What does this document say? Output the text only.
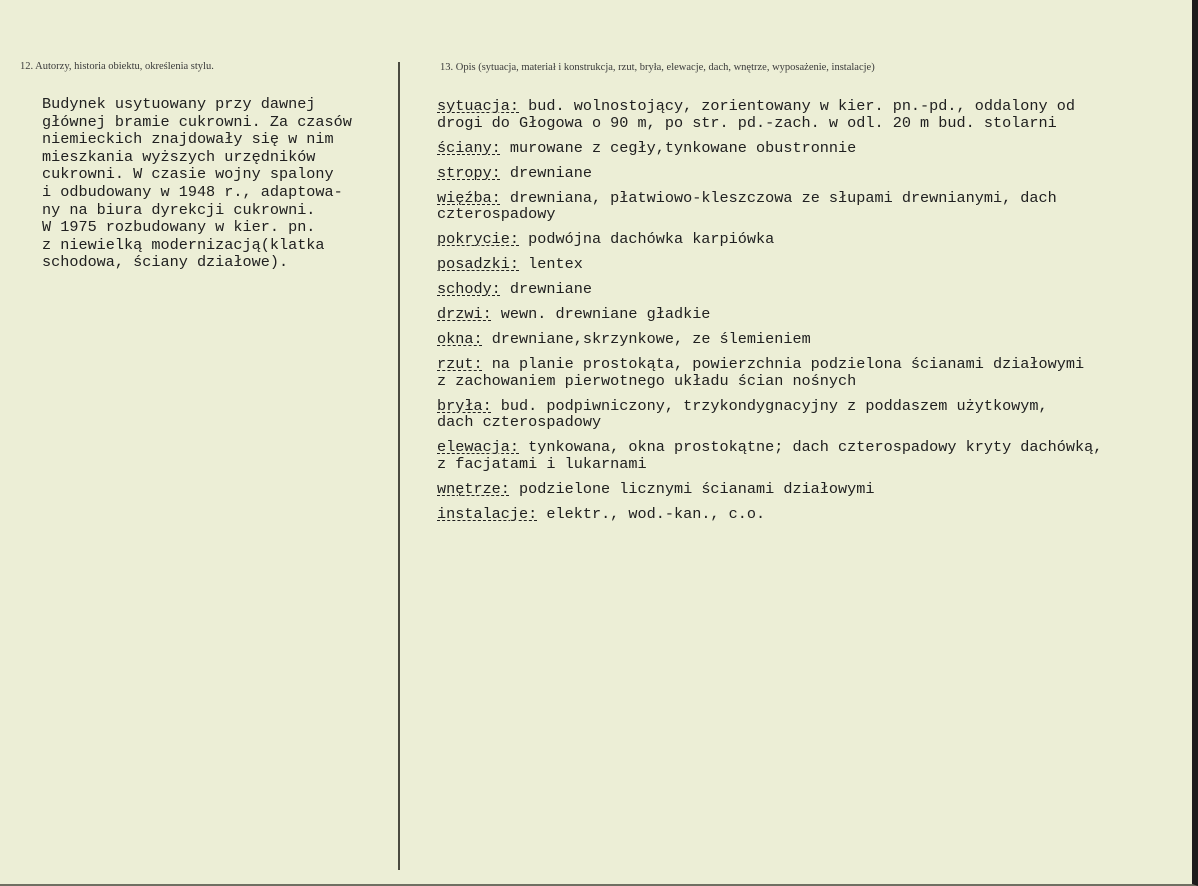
12. Autorzy, historia obiektu, określenia stylu.	13. Opis (sytuacja, materiał i konstrukcja, rzut, bryła, elewacje, dach, wnętrze, wyposażenie, instalacje)
Budynek usytuowany przy dawnej
głównej bramie cukrowni. Za czasów
niemieckich znajdowały się w nim
mieszkania wyższych urzędników
cukrowni. W czasie wojny spalony
i odbudowany w 1948 r., adaptowa-
ny na biura dyrekcji cukrowni.
W 1975 rozbudowany w kier. pn.
z niewielką modernizacją(klatka
schodowa, ściany działowe).
sytuacja: bud. wolnostojący, zorientowany w kier. pn.-pd., oddalony od
drogi do Głogowa o 90 m, po str. pd.-zach. w odl. 20 m bud. stolarni
ściany: murowane z cegły,tynkowane obustronnie
stropy: drewniane
więźba: drewniana, płatwiowo-kleszczowa ze słupami drewnianymi, dach
czterospadowy
pokrycie: podwójna dachówka karpiówka
posadzki: lentex
schody: drewniane
drzwi: wewn. drewniane gładkie
okna: drewniane,skrzynkowe, ze ślemieniem
rzut: na planie prostokąta, powierzchnia podzielona ścianami działowymi
z zachowaniem pierwotnego układu ścian nośnych
bryła: bud. podpiwniczony, trzykondygnacyjny z poddaszem użytkowym,
dach czterospadowy
elewacja: tynkowana, okna prostokątne; dach czterospadowy kryty dachówką,
z facjatami i lukarnami
wnętrze: podzielone licznymi ścianami działowymi
instalacje: elektr., wod.-kan., c.o.
